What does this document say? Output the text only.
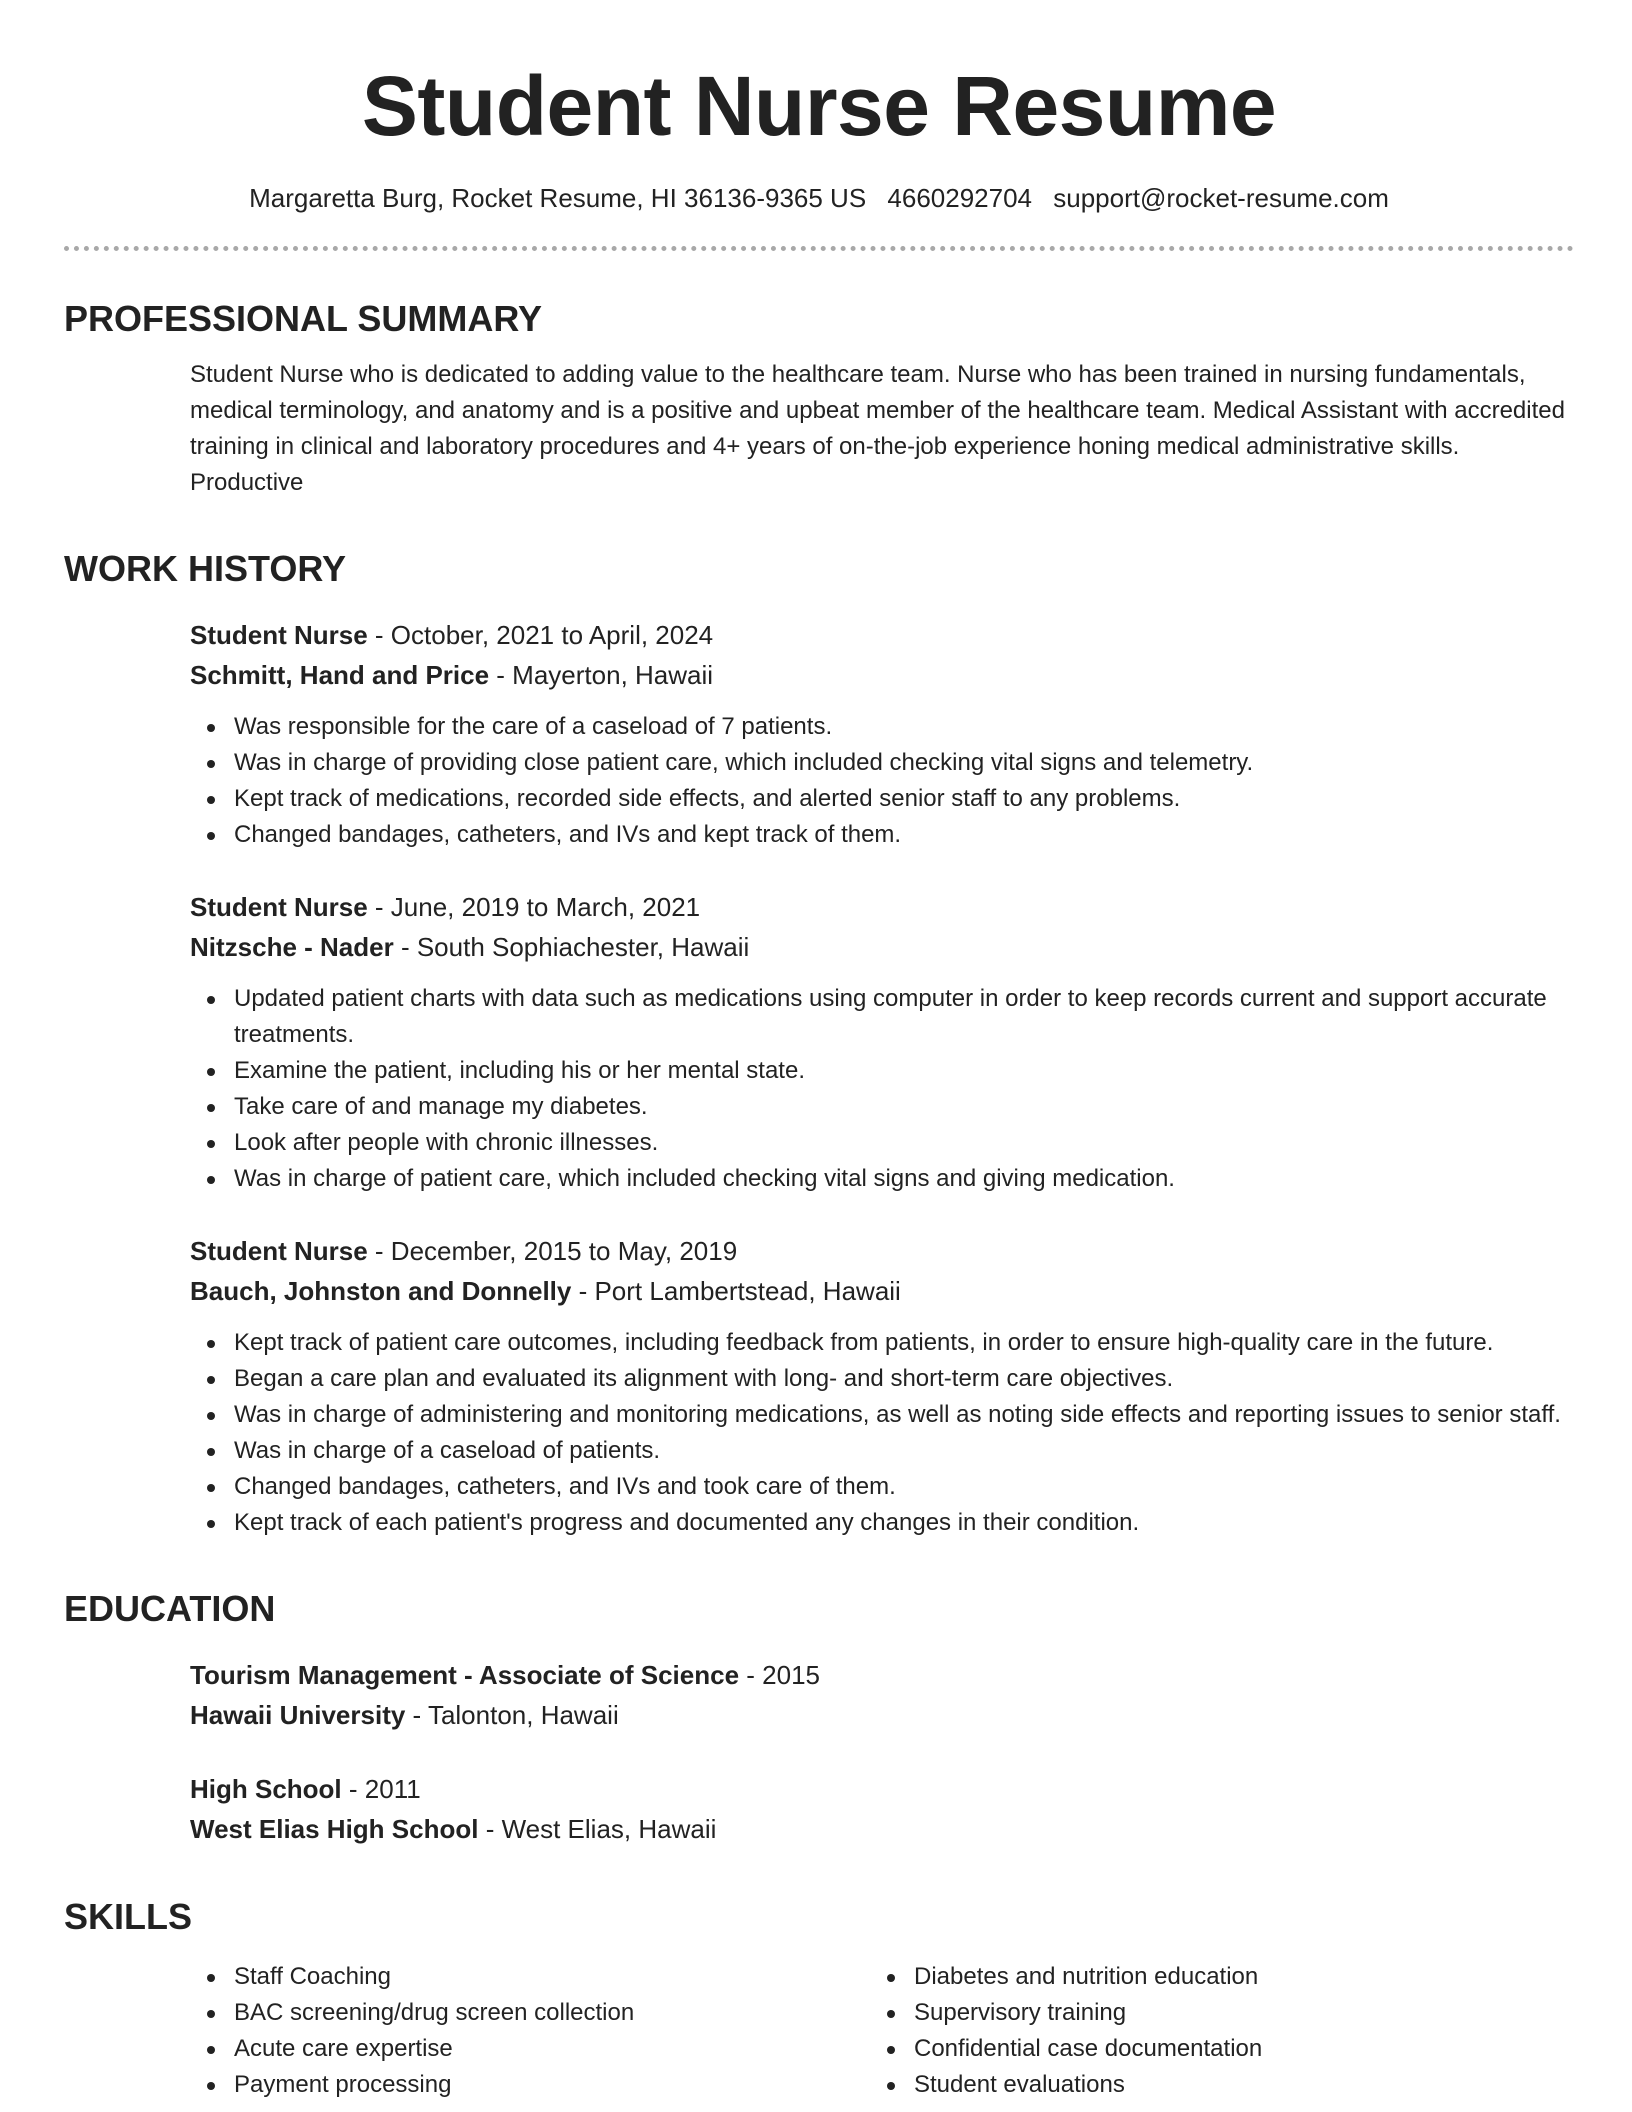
Student Nurse Resume
Margaretta Burg, Rocket Resume, HI 36136-9365 US 4660292704 support@rocket-resume.com
PROFESSIONAL SUMMARY

Student Nurse who is dedicated to adding value to the healthcare team. Nurse who has been trained in nursing fundamentals, medical terminology, and anatomy and is a positive and upbeat member of the healthcare team. Medical Assistant with accredited training in clinical and laboratory procedures and 4+ years of on-the-job experience honing medical administrative skills. Productive

WORK HISTORY
Student Nurse - October, 2021 to April, 2024
Schmitt, Hand and Price - Mayerton, Hawaii
Was responsible for the care of a caseload of 7 patients.
Was in charge of providing close patient care, which included checking vital signs and telemetry.
Kept track of medications, recorded side effects, and alerted senior staff to any problems.
Changed bandages, catheters, and IVs and kept track of them.
Student Nurse - June, 2019 to March, 2021
Nitzsche - Nader - South Sophiachester, Hawaii
Updated patient charts with data such as medications using computer in order to keep records current and support accurate treatments.
Examine the patient, including his or her mental state.
Take care of and manage my diabetes.
Look after people with chronic illnesses.
Was in charge of patient care, which included checking vital signs and giving medication.
Student Nurse - December, 2015 to May, 2019
Bauch, Johnston and Donnelly - Port Lambertstead, Hawaii
Kept track of patient care outcomes, including feedback from patients, in order to ensure high-quality care in the future.
Began a care plan and evaluated its alignment with long- and short-term care objectives.
Was in charge of administering and monitoring medications, as well as noting side effects and reporting issues to senior staff.
Was in charge of a caseload of patients.
Changed bandages, catheters, and IVs and took care of them.
Kept track of each patient's progress and documented any changes in their condition.
EDUCATION
Tourism Management - Associate of Science - 2015
Hawaii University - Talonton, Hawaii
High School - 2011
West Elias High School - West Elias, Hawaii
SKILLS
Staff Coaching
BAC screening/drug screen collection
Acute care expertise
Payment processing
Diabetes and nutrition education
Supervisory training
Confidential case documentation
Student evaluations
